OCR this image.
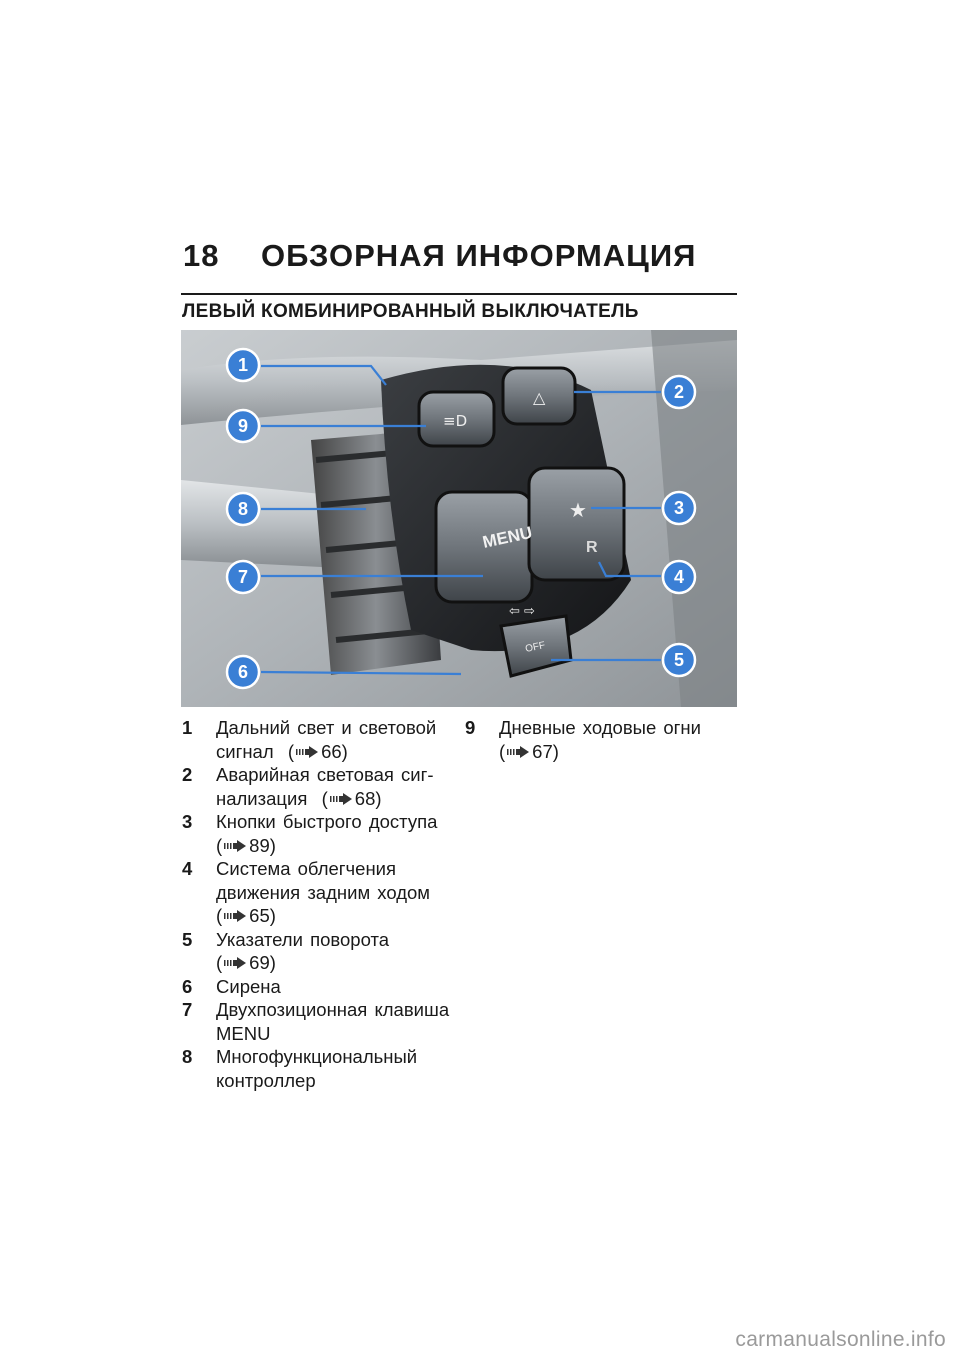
18 ОБЗОРНАЯ ИНФОРМАЦИЯ
ЛЕВЫЙ КОМБИНИРОВАННЫЙ ВЫКЛЮЧАТЕЛЬ
MENU	R
OFF
★
△
≡D
⇦ ⇨
1
9
8
7
6
2
3
4
5
1 Дальний свет и световой
сигнал  ( 66)
2 Аварийная световая сиг-
нализация  ( 68)
3 Кнопки быстрого доступа
( 89)
4 Система облегчения
движения задним ходом
( 65)
5 Указатели поворота
( 69)
6 Сирена
7 Двухпозиционная клавиша
MENU
8 Многофункциональный
контроллер
9 Дневные ходовые огни
( 67)
carmanualsonline.info
